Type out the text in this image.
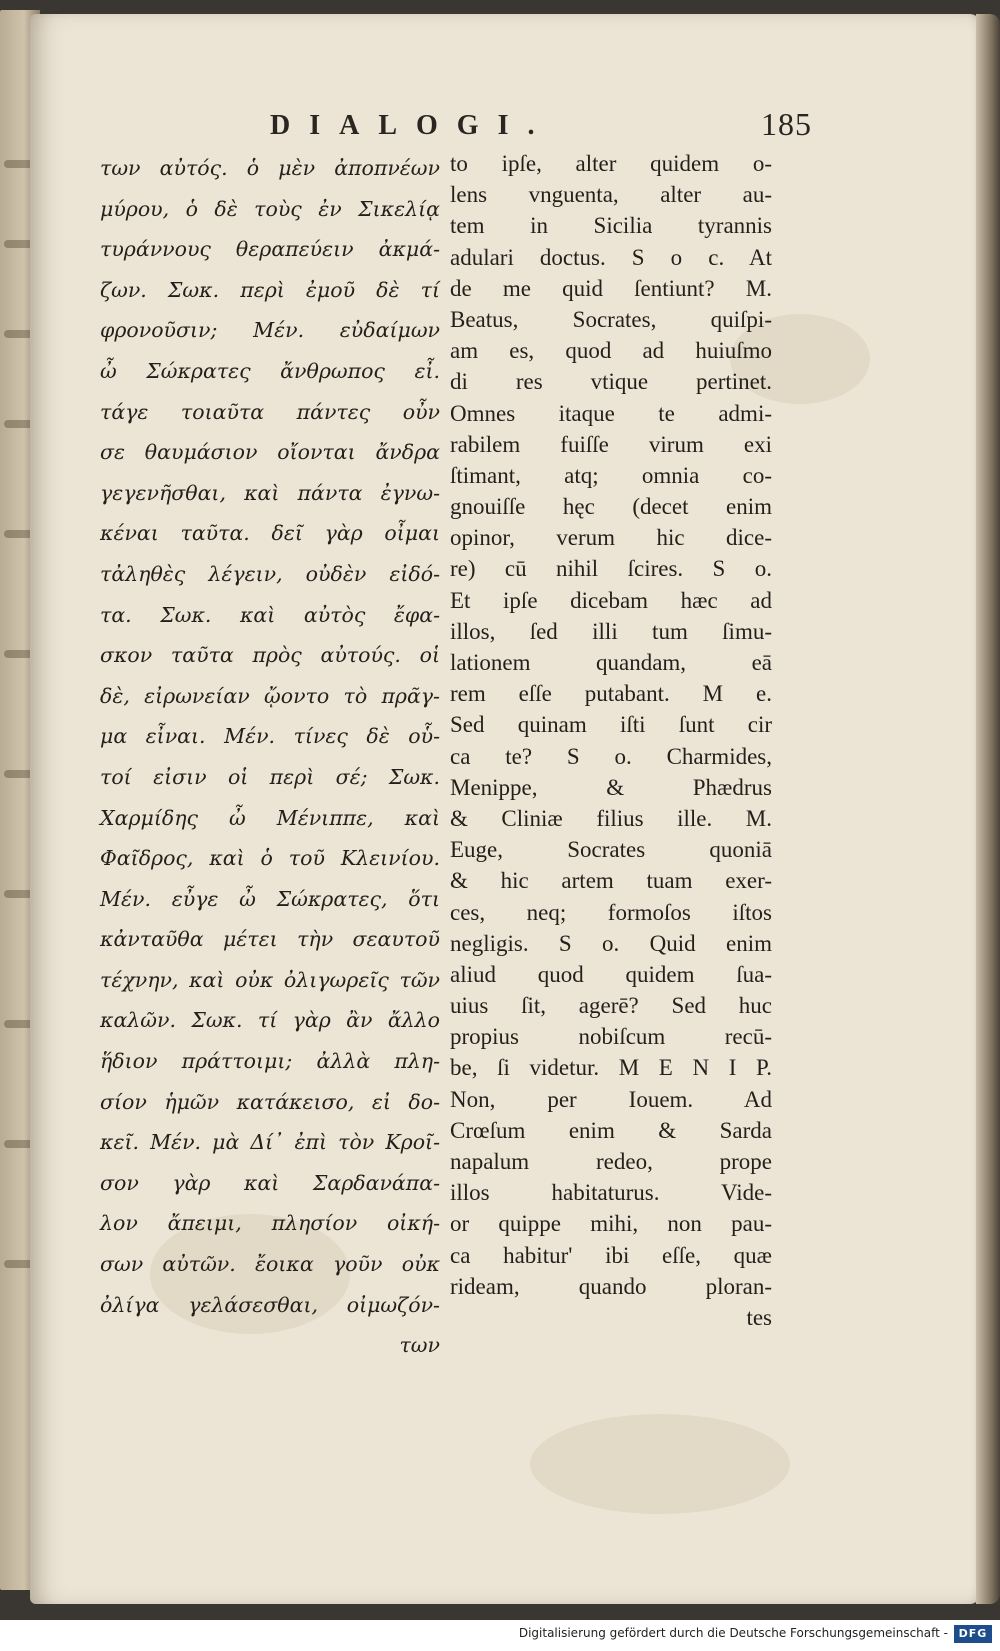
DIALOGI.	185
των αὐτός. ὁ μὲν ἀποπνέων
μύρου, ὁ δὲ τοὺς ἐν Σικελίᾳ
τυράννους θεραπεύειν ἀκμά-
ζων. Σωκ. περὶ ἐμοῦ δὲ τί
φρονοῦσιν; Μέν. εὐδαίμων
ὦ Σώκρατες ἄνθρωπος εἶ.
τάγε τοιαῦτα πάντες οὖν
σε θαυμάσιον οἴονται ἄνδρα
γεγενῆσθαι, καὶ πάντα ἐγνω-
κέναι ταῦτα. δεῖ γὰρ οἶμαι
τἀληθὲς λέγειν, οὐδὲν εἰδό-
τα. Σωκ. καὶ αὐτὸς ἔφα-
σκον ταῦτα πρὸς αὐτούς. οἱ
δὲ, εἰρωνείαν ᾤοντο τὸ πρᾶγ-
μα εἶναι. Μέν. τίνες δὲ οὗ-
τοί εἰσιν οἱ περὶ σέ; Σωκ.
Χαρμίδης ὦ Μένιππε, καὶ
Φαῖδρος, καὶ ὁ τοῦ Κλεινίου.
Μέν. εὖγε ὦ Σώκρατες, ὅτι
κἀνταῦθα μέτει τὴν σεαυτοῦ
τέχνην, καὶ οὐκ ὀλιγωρεῖς τῶν
καλῶν. Σωκ. τί γὰρ ἂν ἄλλο
ἥδιον πράττοιμι; ἀλλὰ πλη-
σίον ἡμῶν κατάκεισο, εἰ δο-
κεῖ. Μέν. μὰ Δί᾽ ἐπὶ τὸν Κροῖ-
σον γὰρ καὶ Σαρδανάπα-
λον ἄπειμι, πλησίον οἰκή-
σων αὐτῶν. ἔοικα γοῦν οὐκ
ὀλίγα γελάσεσθαι, οἰμωζόν-
των
to ipſe, alter quidem o-
lens vnguenta, alter au-
tem in Sicilia tyrannis
adulari doctus. S o c. At
de me quid ſentiunt? M.
Beatus, Socrates, quiſpi-
am es, quod ad huiuſmo
di res vtique pertinet.
Omnes itaque te admi-
rabilem fuiſſe virum exi
ſtimant, atq; omnia co-
gnouiſſe hęc (decet enim
opinor, verum hic dice-
re) cū nihil ſcires. S o.
Et ipſe dicebam hæc ad
illos, ſed illi tum ſimu-
lationem quandam, eā
rem eſſe putabant. M e.
Sed quinam iſti ſunt cir
ca te? S o. Charmides,
Menippe, & Phædrus
& Cliniæ filius ille. M.
Euge, Socrates quoniā
& hic artem tuam exer-
ces, neq; formoſos iſtos
negligis. S o. Quid enim
aliud quod quidem ſua-
uius ſit, agerē? Sed huc
propius nobiſcum recū-
be, ſi videtur. M E N I P.
Non, per Iouem. Ad
Crœſum enim & Sarda
napalum redeo, prope
illos habitaturus. Vide-
or quippe mihi, non pau-
ca habitur' ibi eſſe, quæ
rideam, quando ploran-
tes
Digitalisierung gefördert durch die Deutsche Forschungsgemeinschaft - DFG
